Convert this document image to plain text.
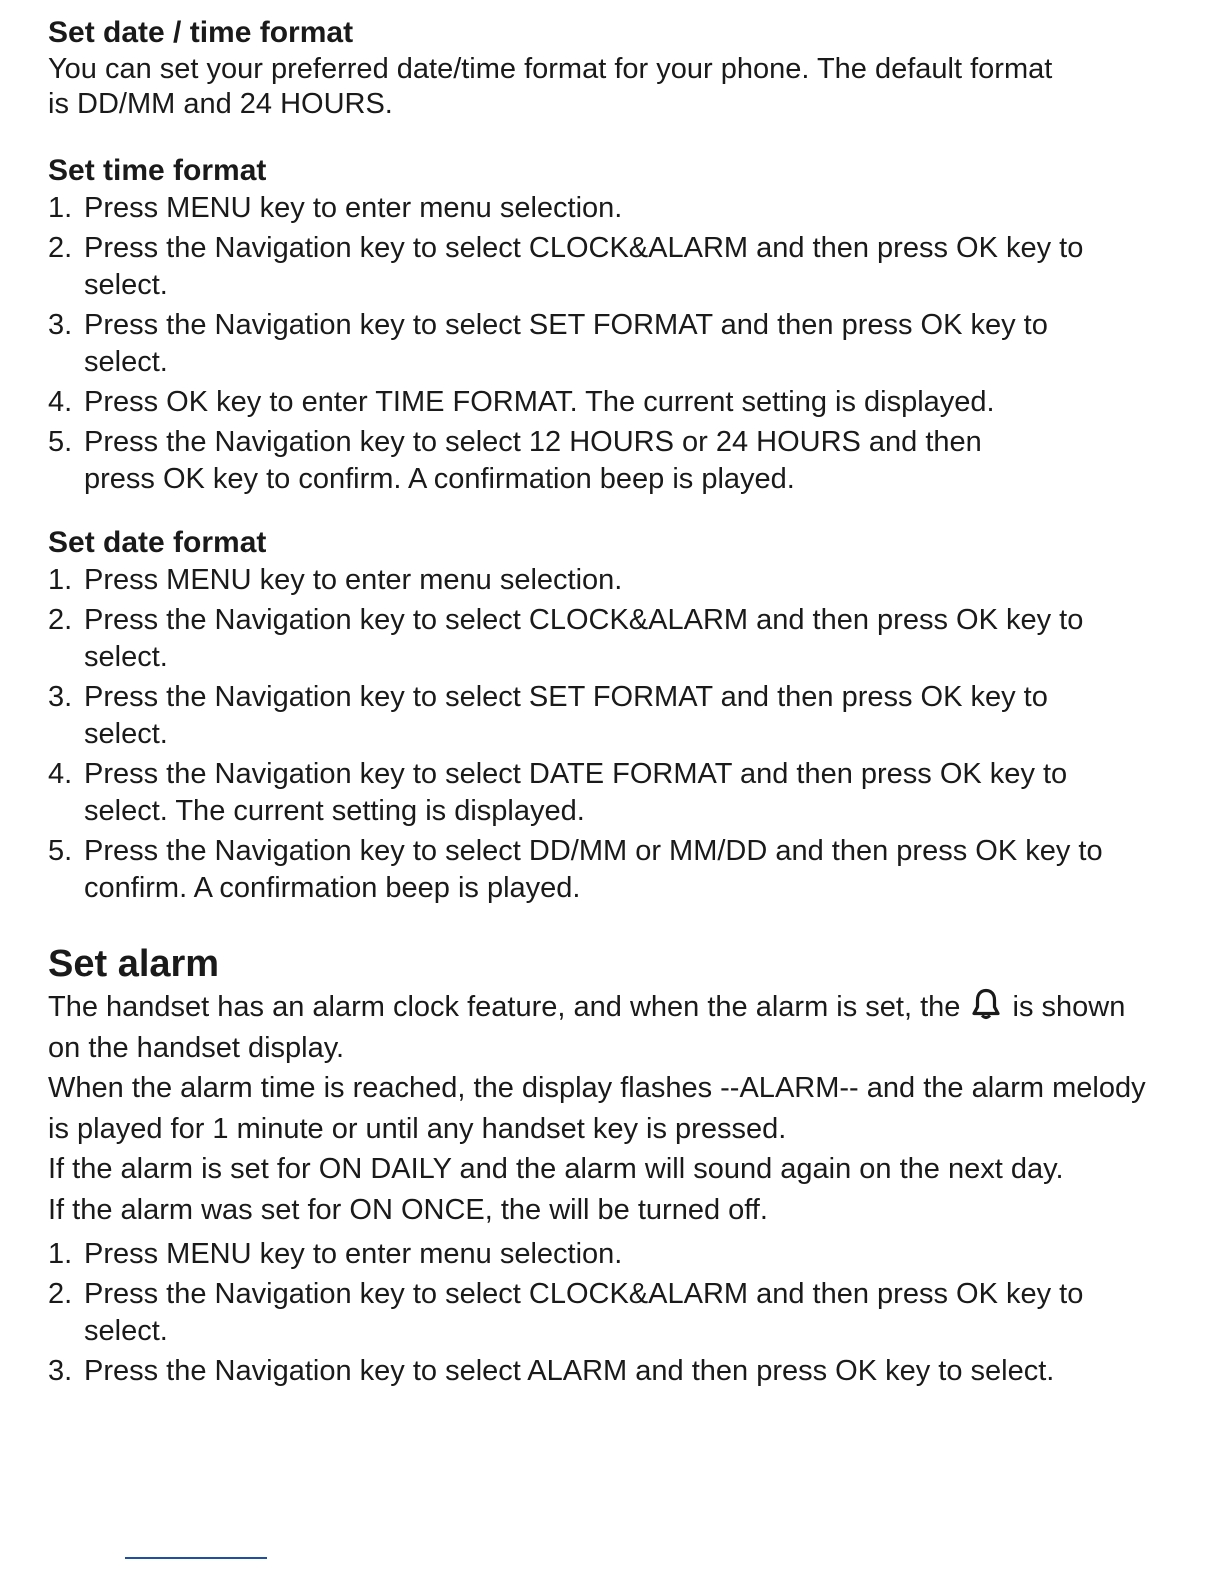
Set date / time format

You can set your preferred date/time format for your phone. The default format is DD/MM and 24 HOURS.

Set time format
1. Press MENU key to enter menu selection.
2. Press the Navigation key to select CLOCK&ALARM and then press OK key to select.
3. Press the Navigation key to select SET FORMAT and then press OK key to select.
4. Press OK key to enter TIME FORMAT. The current setting is displayed.
5. Press the Navigation key to select 12 HOURS or 24 HOURS and then press OK key to confirm. A confirmation beep is played.
Set date format
1. Press MENU key to enter menu selection.
2. Press the Navigation key to select CLOCK&ALARM and then press OK key to select.
3. Press the Navigation key to select SET FORMAT and then press OK key to select.
4. Press the Navigation key to select DATE FORMAT and then press OK key to select. The current setting is displayed.
5. Press the Navigation key to select DD/MM or MM/DD and then press OK key to confirm. A confirmation beep is played.
Set alarm

The handset has an alarm clock feature, and when the alarm is set, the is shown on the handset display.

When the alarm time is reached, the display flashes --ALARM-- and the alarm melody is played for 1 minute or until any handset key is pressed.

If the alarm is set for ON DAILY and the alarm will sound again on the next day.

If the alarm was set for ON ONCE, the will be turned off.

1. Press MENU key to enter menu selection.
2. Press the Navigation key to select CLOCK&ALARM and then press OK key to select.
3. Press the Navigation key to select ALARM and then press OK key to select.
